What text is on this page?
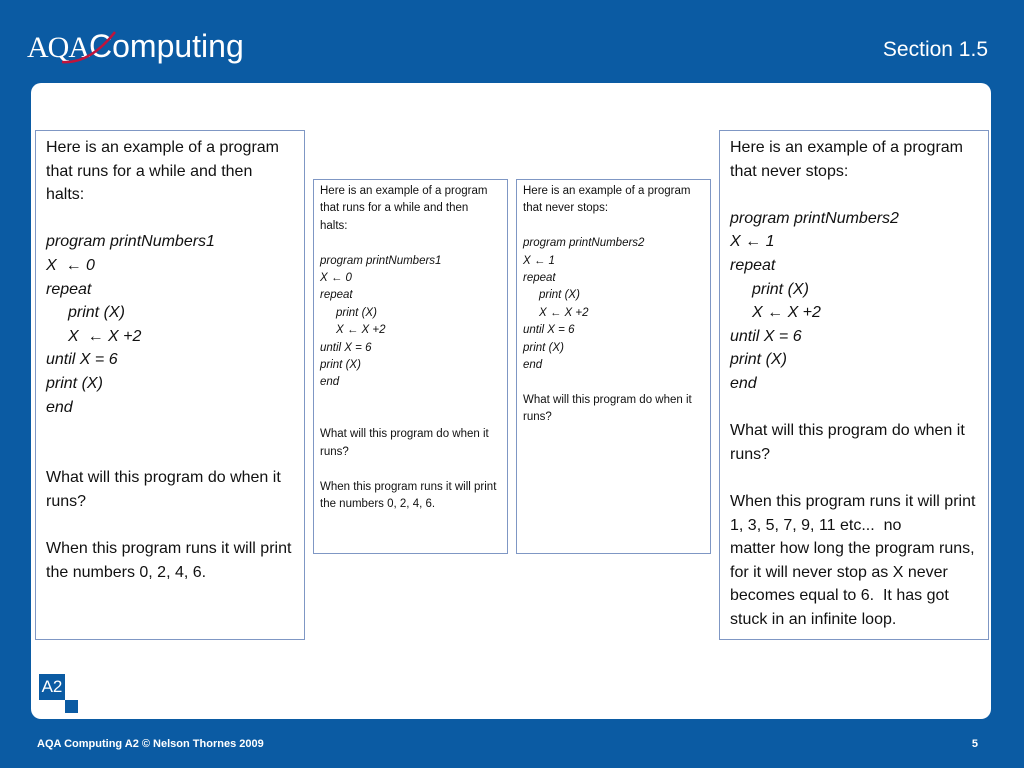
AQAComputing	Section 1.5
Here is an example of a program
that runs for a while and then
halts:
program printNumbers1
X  ← 0
repeat
print (X)
X  ← X +2
until X = 6
print (X)
end
What will this program do when it
runs?
When this program runs it will print
the numbers 0, 2, 4, 6.
Here is an example of a program
that runs for a while and then
halts:
program printNumbers1
X ← 0
repeat
print (X)
X ← X +2
until X = 6
print (X)
end
What will this program do when it
runs?
When this program runs it will print
the numbers 0, 2, 4, 6.
Here is an example of a program
that never stops:
program printNumbers2
X ← 1
repeat
print (X)
X ← X +2
until X = 6
print (X)
end
What will this program do when it
runs?
Here is an example of a program
that never stops:
program printNumbers2
X ← 1
repeat
print (X)
X ← X +2
until X = 6
print (X)
end
What will this program do when it
runs?
When this program runs it will print
1, 3, 5, 7, 9, 11 etc...  no
matter how long the program runs,
for it will never stop as X never
becomes equal to 6.  It has got
stuck in an infinite loop.
A2
AQA Computing A2 © Nelson Thornes 2009	5
